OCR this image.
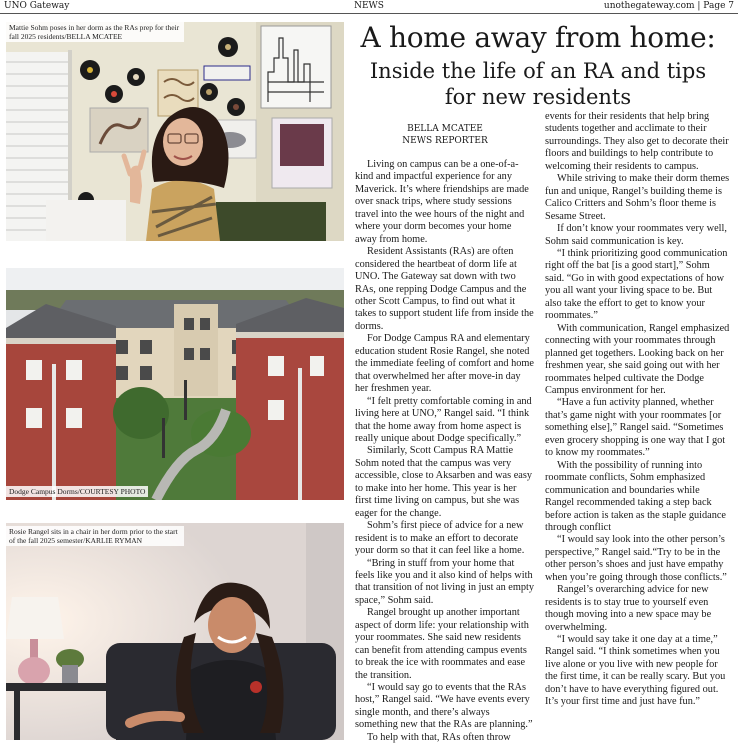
UNO Gateway	NEWS	unothegateway.com | Page 7
Mattie Sohm poses in her dorm as the RAs prep for their fall 2025 residents/BELLA MCATEE
Dodge Campus Dorms/COURTESY PHOTO
Rosie Rangel sits in a chair in her dorm prior to the start of the fall 2025 semester/KARLIE RYMAN
A home away from home:
Inside the life of an RA and tips
for new residents
BELLA MCATEE
NEWS REPORTER

Living on campus can be a one-of-a-kind and impactful experience for any Maverick. It’s where friendships are made over snack trips, where study sessions travel into the wee hours of the night and where your dorm becomes your home away from home.

Resident Assistants (RAs) are often considered the heartbeat of dorm life at UNO. The Gateway sat down with two RAs, one repping Dodge Campus and the other Scott Campus, to find out what it takes to support student life from inside the dorms.

For Dodge Campus RA and elementary education student Rosie Rangel, she noted the immediate feeling of comfort and home that overwhelmed her after move-in day her freshmen year.

“I felt pretty comfortable coming in and living here at UNO,” Rangel said. “I think that the home away from home aspect is really unique about Dodge specifically.”

Similarly, Scott Campus RA Mattie Sohm noted that the campus was very accessible, close to Aksarben and was easy to make into her home. This year is her first time living on campus, but she was eager for the change.

Sohm’s first piece of advice for a new resident is to make an effort to decorate your dorm so that it can feel like a home.

“Bring in stuff from your home that feels like you and it also kind of helps with that transition of not living in just an empty space,” Sohm said.

Rangel brought up another important aspect of dorm life: your relationship with your roommates. She said new residents can benefit from attending campus events to break the ice with roommates and ease the transition.

“I would say go to events that the RAs host,” Rangel said. “We have events every single month, and there’s always something new that the RAs are planning.”

To help with that, RAs often throw

events for their residents that help bring students together and acclimate to their surroundings. They also get to decorate their floors and buildings to help contribute to welcoming their residents to campus.

While striving to make their dorm themes fun and unique, Rangel’s building theme is Calico Critters and Sohm’s floor theme is Sesame Street.

If don’t know your roommates very well, Sohm said communication is key.

“I think prioritizing good communication right off the bat [is a good start],” Sohm said. “Go in with good expectations of how you all want your living space to be. But also take the effort to get to know your roommates.”

With communication, Rangel emphasized connecting with your roommates through planned get togethers. Looking back on her freshmen year, she said going out with her roommates helped cultivate the Dodge Campus environment for her.

“Have a fun activity planned, whether that’s game night with your roommates [or something else],” Rangel said. “Sometimes even grocery shopping is one way that I got to know my roommates.”

With the possibility of running into roommate conflicts, Sohm emphasized communication and boundaries while Rangel recommended taking a step back before action is taken as the staple guidance through conflict

“I would say look into the other person’s perspective,” Rangel said.“Try to be in the other person’s shoes and just have empathy when you’re going through those conflicts.”

Rangel’s overarching advice for new residents is to stay true to yourself even though moving into a new space may be overwhelming.

“I would say take it one day at a time,” Rangel said. “I think sometimes when you live alone or you live with new people for the first time, it can be really scary. But you don’t have to have everything figured out. It’s your first time and just have fun.”
